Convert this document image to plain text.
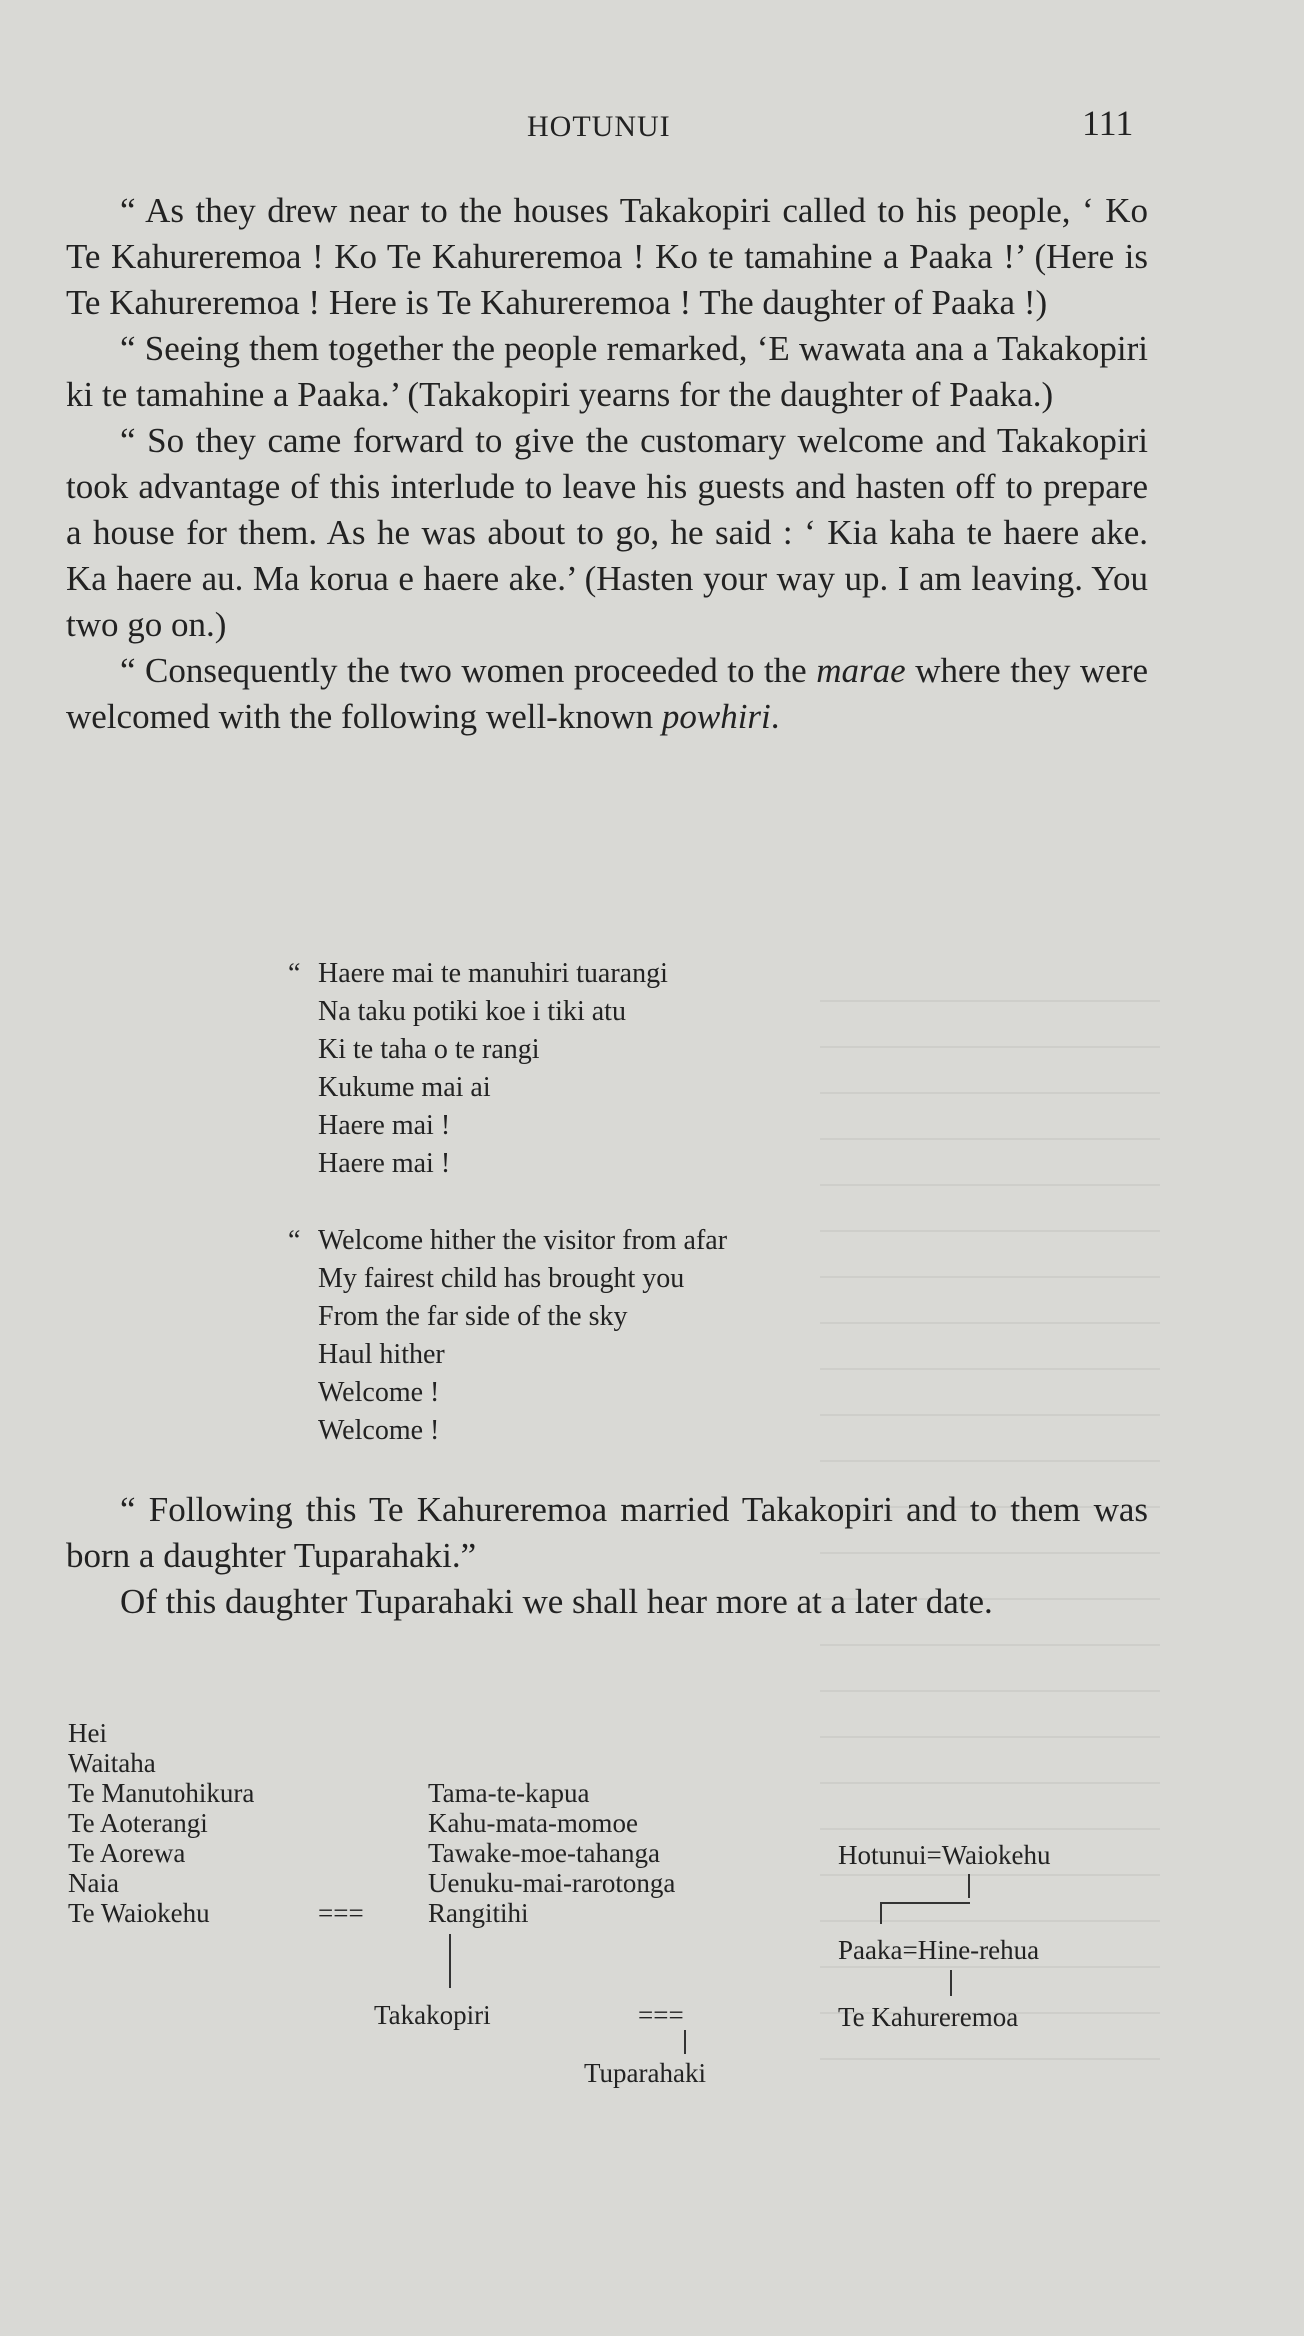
HOTUNUI	111

“ As they drew near to the houses Takakopiri called to his people, ‘ Ko Te Kahureremoa ! Ko Te Kahureremoa ! Ko te tamahine a Paaka !’ (Here is Te Kahureremoa ! Here is Te Kahureremoa ! The daughter of Paaka !)

“ Seeing them together the people remarked, ‘E wawata ana a Takakopiri ki te tamahine a Paaka.’ (Takakopiri yearns for the daughter of Paaka.)

“ So they came forward to give the customary welcome and Takakopiri took advantage of this interlude to leave his guests and hasten off to prepare a house for them. As he was about to go, he said : ‘ Kia kaha te haere ake. Ka haere au. Ma korua e haere ake.’ (Hasten your way up. I am leaving. You two go on.)

“ Consequently the two women proceeded to the marae where they were welcomed with the following well-known powhiri.

“ Haere mai te manuhiri tuarangi
Na taku potiki koe i tiki atu
Ki te taha o te rangi
Kukume mai ai
Haere mai !
Haere mai !
“ Welcome hither the visitor from afar
My fairest child has brought you
From the far side of the sky
Haul hither
Welcome !
Welcome !

“ Following this Te Kahureremoa married Takakopiri and to them was born a daughter Tuparahaki.”

Of this daughter Tuparahaki we shall hear more at a later date.

Hei
Waitaha
Te Manutohikura
Te Aoterangi
Te Aorewa
Naia
Te Waiokehu	===
Tama-te-kapua
Kahu-mata-momoe
Tawake-moe-tahanga
Uenuku-mai-rarotonga
Rangitihi
Hotunui=Waiokehu
Paaka=Hine-rehua
Te Kahureremoa
Takakopiri	===
Tuparahaki
